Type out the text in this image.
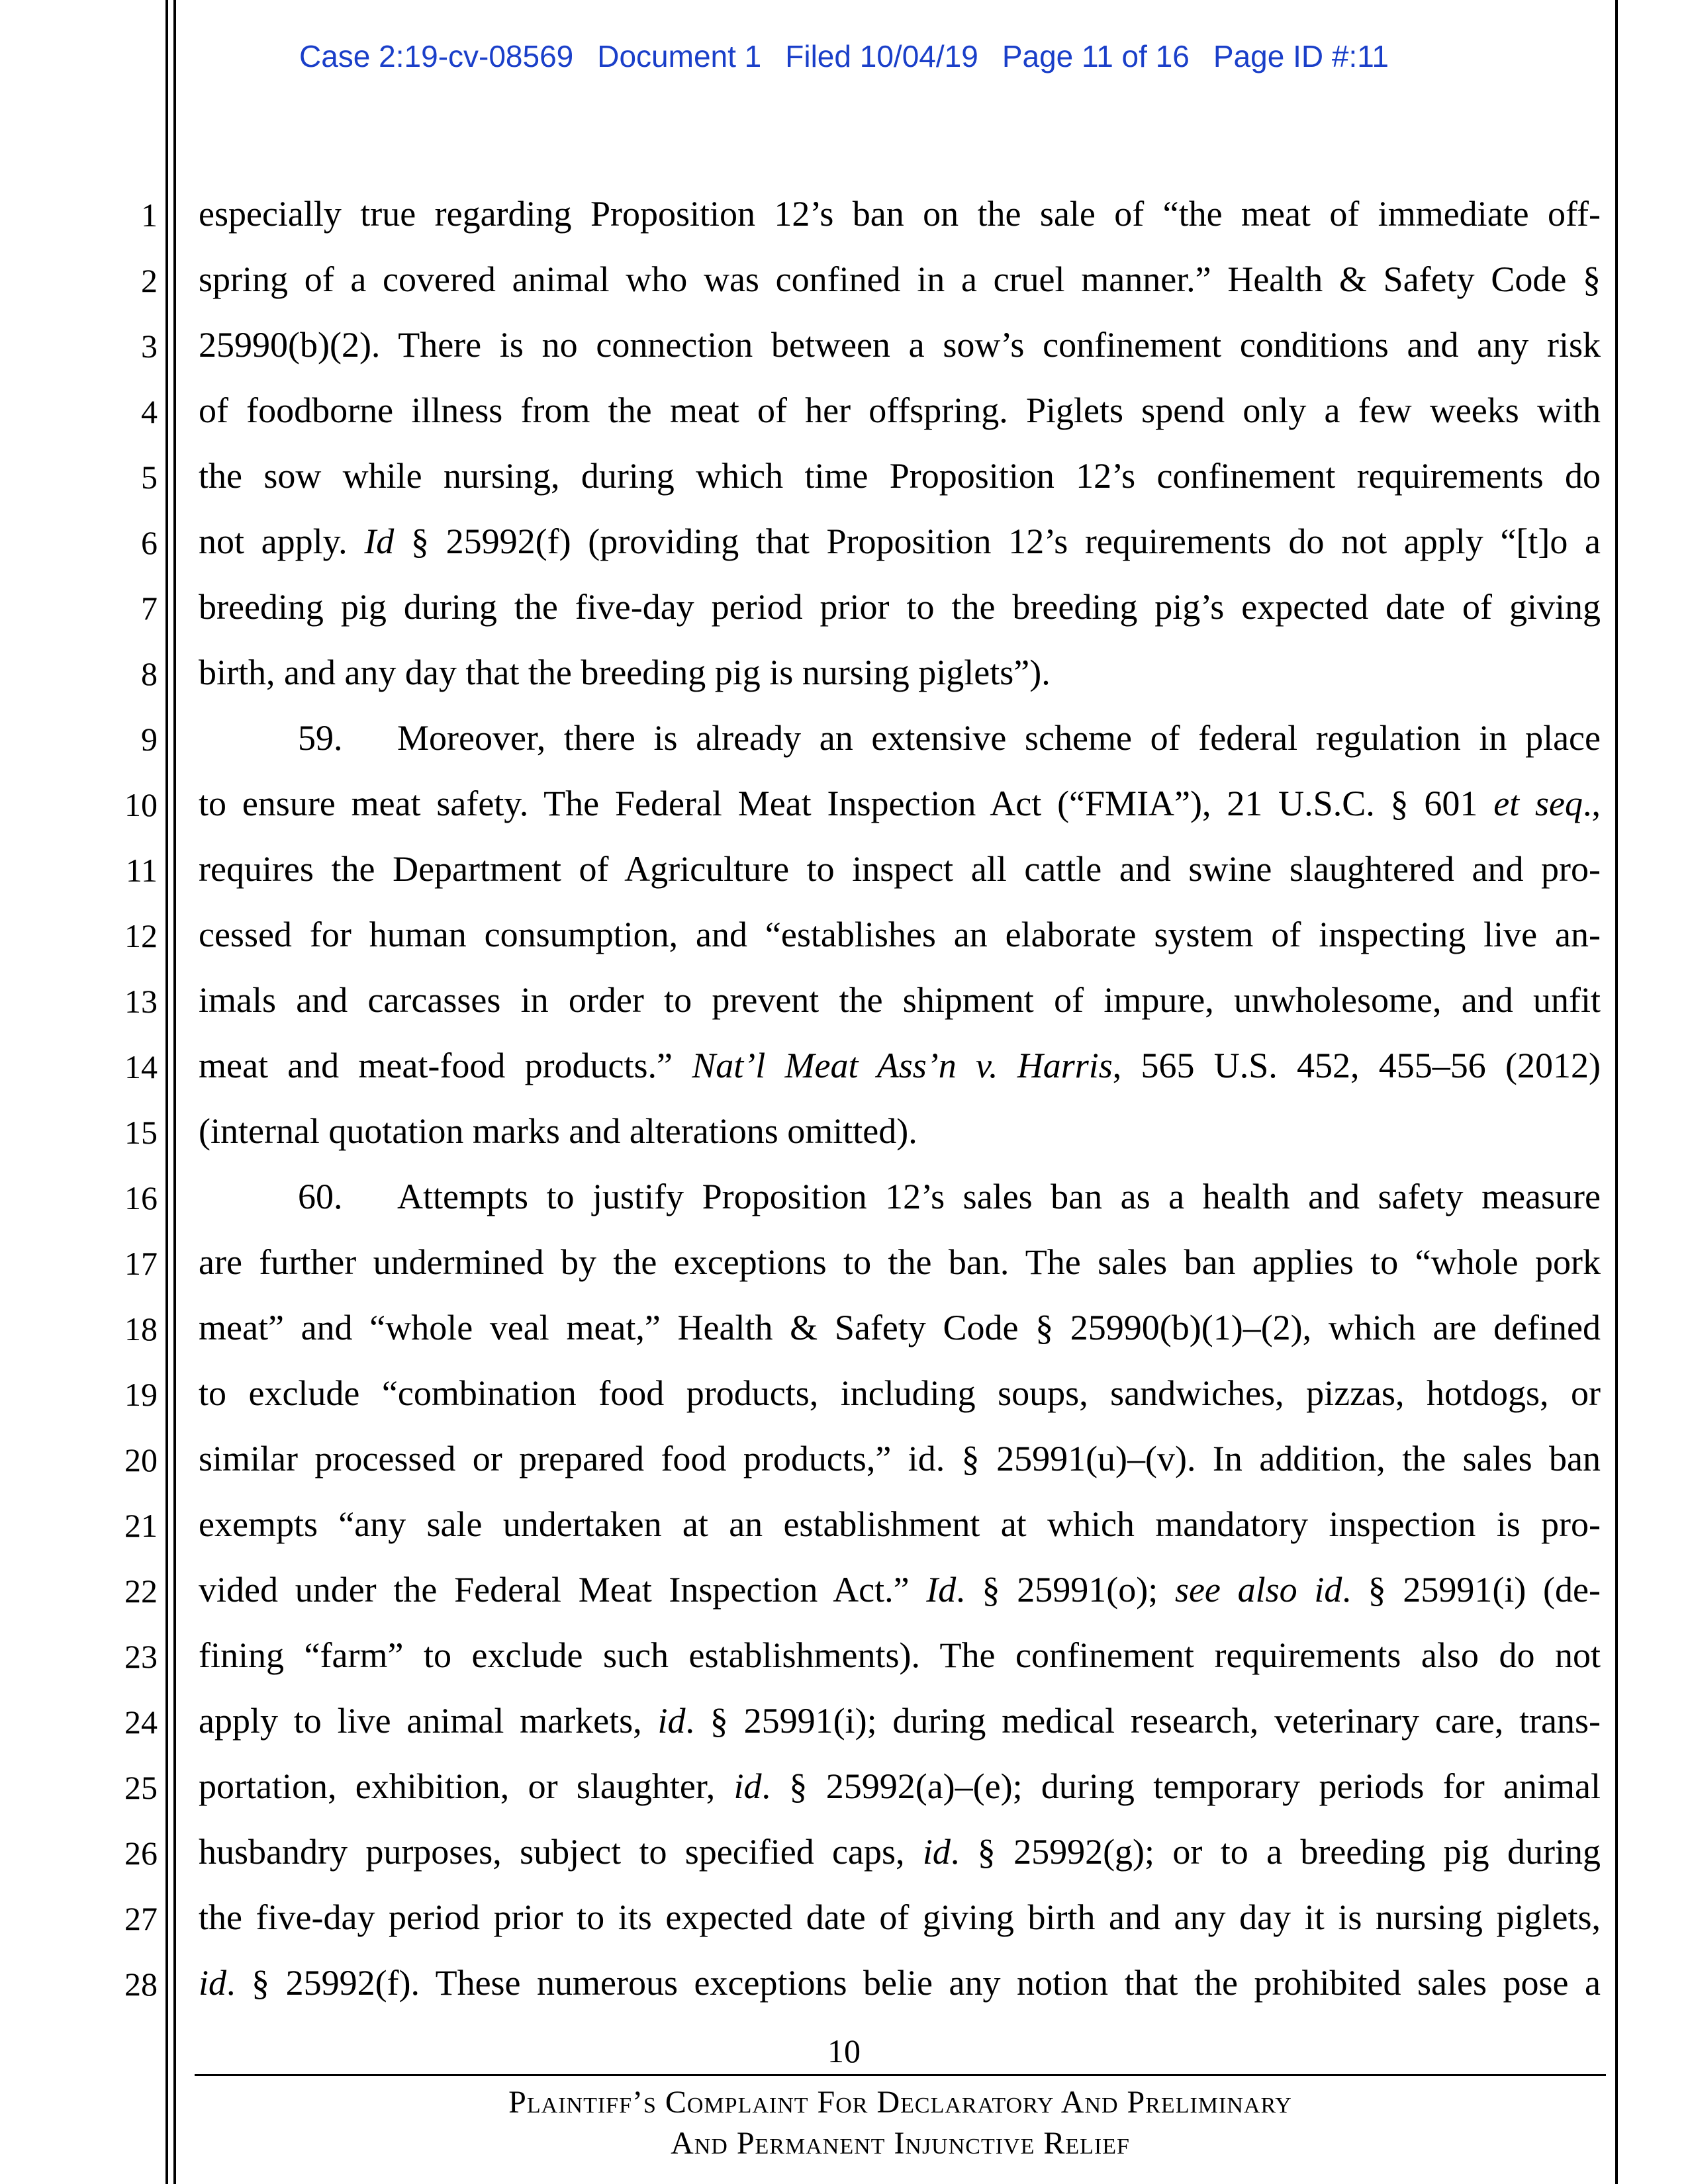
Case 2:19-cv-08569 Document 1 Filed 10/04/19 Page 11 of 16 Page ID #:11
1
2
3
4
5
6
7
8
9
10
11
12
13
14
15
16
17
18
19
20
21
22
23
24
25
26
27
28
especially true regarding Proposition 12’s ban on the sale of “the meat of immediate off-
spring of a covered animal who was confined in a cruel manner.” Health & Safety Code §
25990(b)(2). There is no connection between a sow’s confinement conditions and any risk
of foodborne illness from the meat of her offspring. Piglets spend only a few weeks with
the sow while nursing, during which time Proposition 12’s confinement requirements do
not apply. Id § 25992(f) (providing that Proposition 12’s requirements do not apply “[t]o a
breeding pig during the five-day period prior to the breeding pig’s expected date of giving
birth, and any day that the breeding pig is nursing piglets”).
59. Moreover, there is already an extensive scheme of federal regulation in place
to ensure meat safety. The Federal Meat Inspection Act (“FMIA”), 21 U.S.C. § 601 et seq.,
requires the Department of Agriculture to inspect all cattle and swine slaughtered and pro-
cessed for human consumption, and “establishes an elaborate system of inspecting live an-
imals and carcasses in order to prevent the shipment of impure, unwholesome, and unfit
meat and meat-food products.” Nat’l Meat Ass’n v. Harris, 565 U.S. 452, 455–56 (2012)
(internal quotation marks and alterations omitted).
60. Attempts to justify Proposition 12’s sales ban as a health and safety measure
are further undermined by the exceptions to the ban. The sales ban applies to “whole pork
meat” and “whole veal meat,” Health & Safety Code § 25990(b)(1)–(2), which are defined
to exclude “combination food products, including soups, sandwiches, pizzas, hotdogs, or
similar processed or prepared food products,” id. § 25991(u)–(v). In addition, the sales ban
exempts “any sale undertaken at an establishment at which mandatory inspection is pro-
vided under the Federal Meat Inspection Act.” Id. § 25991(o); see also id. § 25991(i) (de-
fining “farm” to exclude such establishments). The confinement requirements also do not
apply to live animal markets, id. § 25991(i); during medical research, veterinary care, trans-
portation, exhibition, or slaughter, id. § 25992(a)–(e); during temporary periods for animal
husbandry purposes, subject to specified caps, id. § 25992(g); or to a breeding pig during
the five-day period prior to its expected date of giving birth and any day it is nursing piglets,
id. § 25992(f). These numerous exceptions belie any notion that the prohibited sales pose a
10
Plaintiff’s Complaint For Declaratory And Preliminary
And Permanent Injunctive Relief
